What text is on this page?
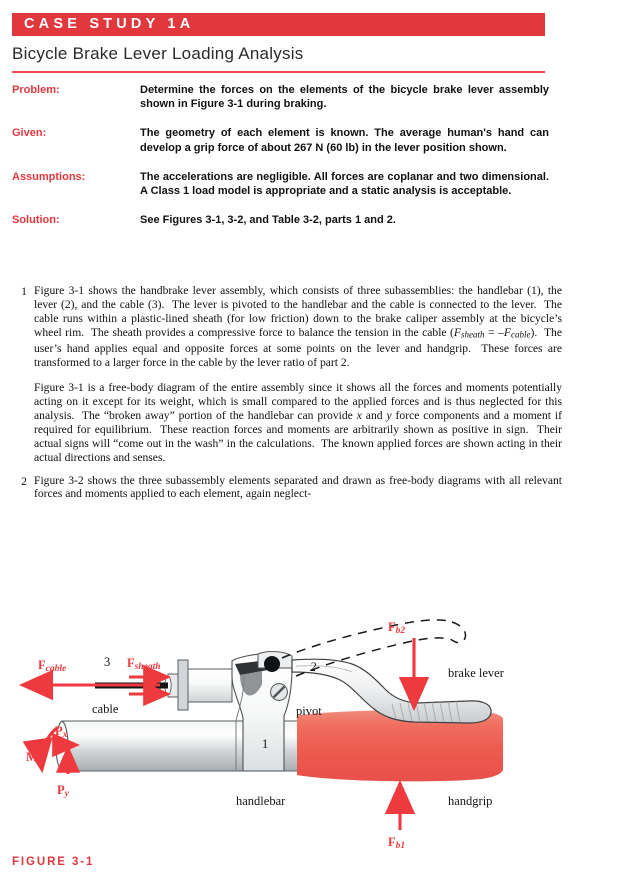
CASE STUDY 1A
Bicycle Brake Lever Loading Analysis
Problem:	Determine the forces on the elements of the bicycle brake lever assembly shown in Figure 3-1 during braking.
Given:	The geometry of each element is known. The average human's hand can develop a grip force of about 267 N (60 lb) in the lever position shown.
Assumptions:	The accelerations are negligible. All forces are coplanar and two dimensional. A Class 1 load model is appropriate and a static analysis is acceptable.
Solution:	See Figures 3-1, 3-2, and Table 3-2, parts 1 and 2.
1 Figure 3-1 shows the handbrake lever assembly, which consists of three subassemblies: the handlebar (1), the lever (2), and the cable (3).  The lever is pivoted to the handlebar and the cable is connected to the lever.  The cable runs within a plastic-lined sheath (for low friction) down to the brake caliper assembly at the bicycle’s wheel rim.  The sheath provides a compressive force to balance the tension in the cable (Fsheath = –Fcable).  The user’s hand applies equal and opposite forces at some points on the lever and handgrip.  These forces are transformed to a larger force in the cable by the lever ratio of part 2.

Figure 3-1 is a free-body diagram of the entire assembly since it shows all the forces and moments potentially acting on it except for its weight, which is small compared to the applied forces and is thus neglected for this analysis.  The “broken away” portion of the handlebar can provide x and y force components and a moment if required for equilibrium.  These reaction forces and moments are arbitrarily shown as positive in sign.  Their actual signs will “come out in the wash” in the calculations.  The known applied forces are shown acting in their actual directions and senses.

2 Figure 3-2 shows the three subassembly elements separated and drawn as free-body diagrams with all relevant forces and moments applied to each element, again neglect-

Fcable	Fsheath
Fb2
Fb1
Px
Py
Mh
3	2
1
cable	pivot
brake lever
handlebar	handgrip
FIGURE 3-1
